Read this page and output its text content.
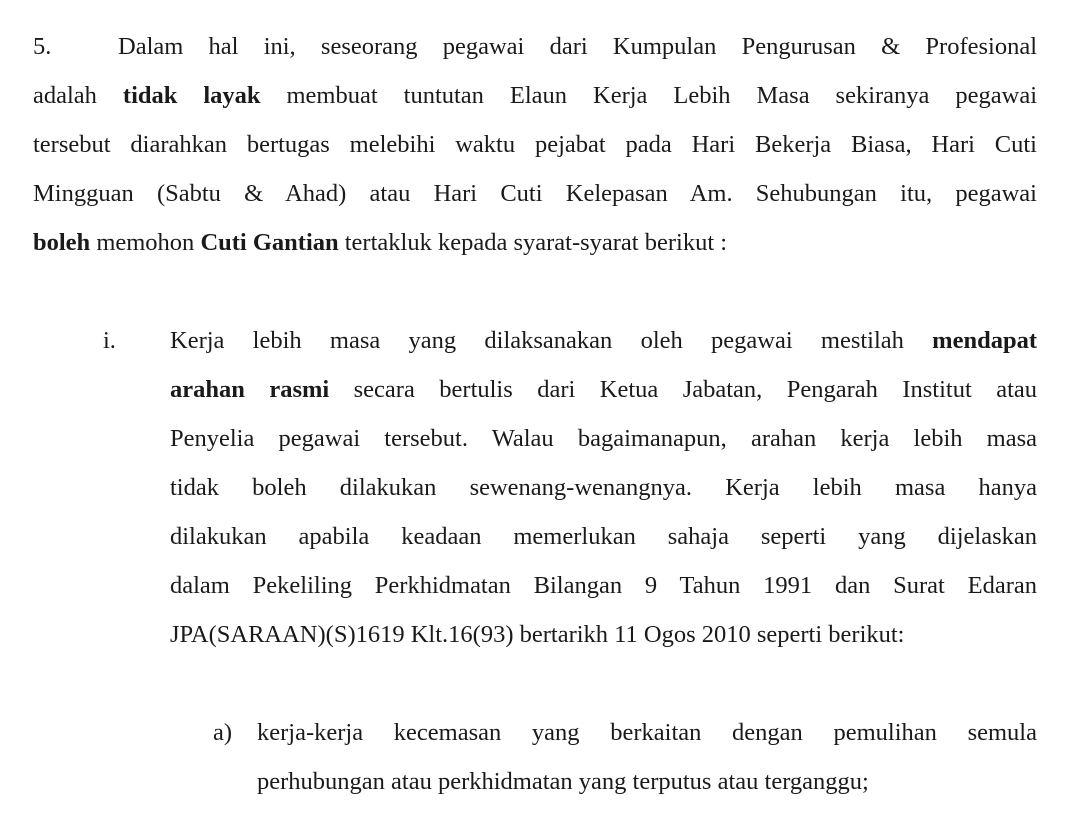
5.	Dalam hal ini, seseorang pegawai dari Kumpulan Pengurusan & Profesional
adalah tidak layak membuat tuntutan Elaun Kerja Lebih Masa sekiranya pegawai
tersebut diarahkan bertugas melebihi waktu pejabat pada Hari Bekerja Biasa, Hari Cuti
Mingguan (Sabtu & Ahad) atau Hari Cuti Kelepasan Am. Sehubungan itu, pegawai
boleh memohon Cuti Gantian tertakluk kepada syarat-syarat berikut :
i. Kerja lebih masa yang dilaksanakan oleh pegawai mestilah mendapat
arahan rasmi secara bertulis dari Ketua Jabatan, Pengarah Institut atau
Penyelia pegawai tersebut. Walau bagaimanapun, arahan kerja lebih masa
tidak boleh dilakukan sewenang-wenangnya. Kerja lebih masa hanya
dilakukan apabila keadaan memerlukan sahaja seperti yang dijelaskan
dalam Pekeliling Perkhidmatan Bilangan 9 Tahun 1991 dan Surat Edaran
JPA(SARAAN)(S)1619 Klt.16(93) bertarikh 11 Ogos 2010 seperti berikut:
a) kerja-kerja kecemasan yang berkaitan dengan pemulihan semula
perhubungan atau perkhidmatan yang terputus atau terganggu;
